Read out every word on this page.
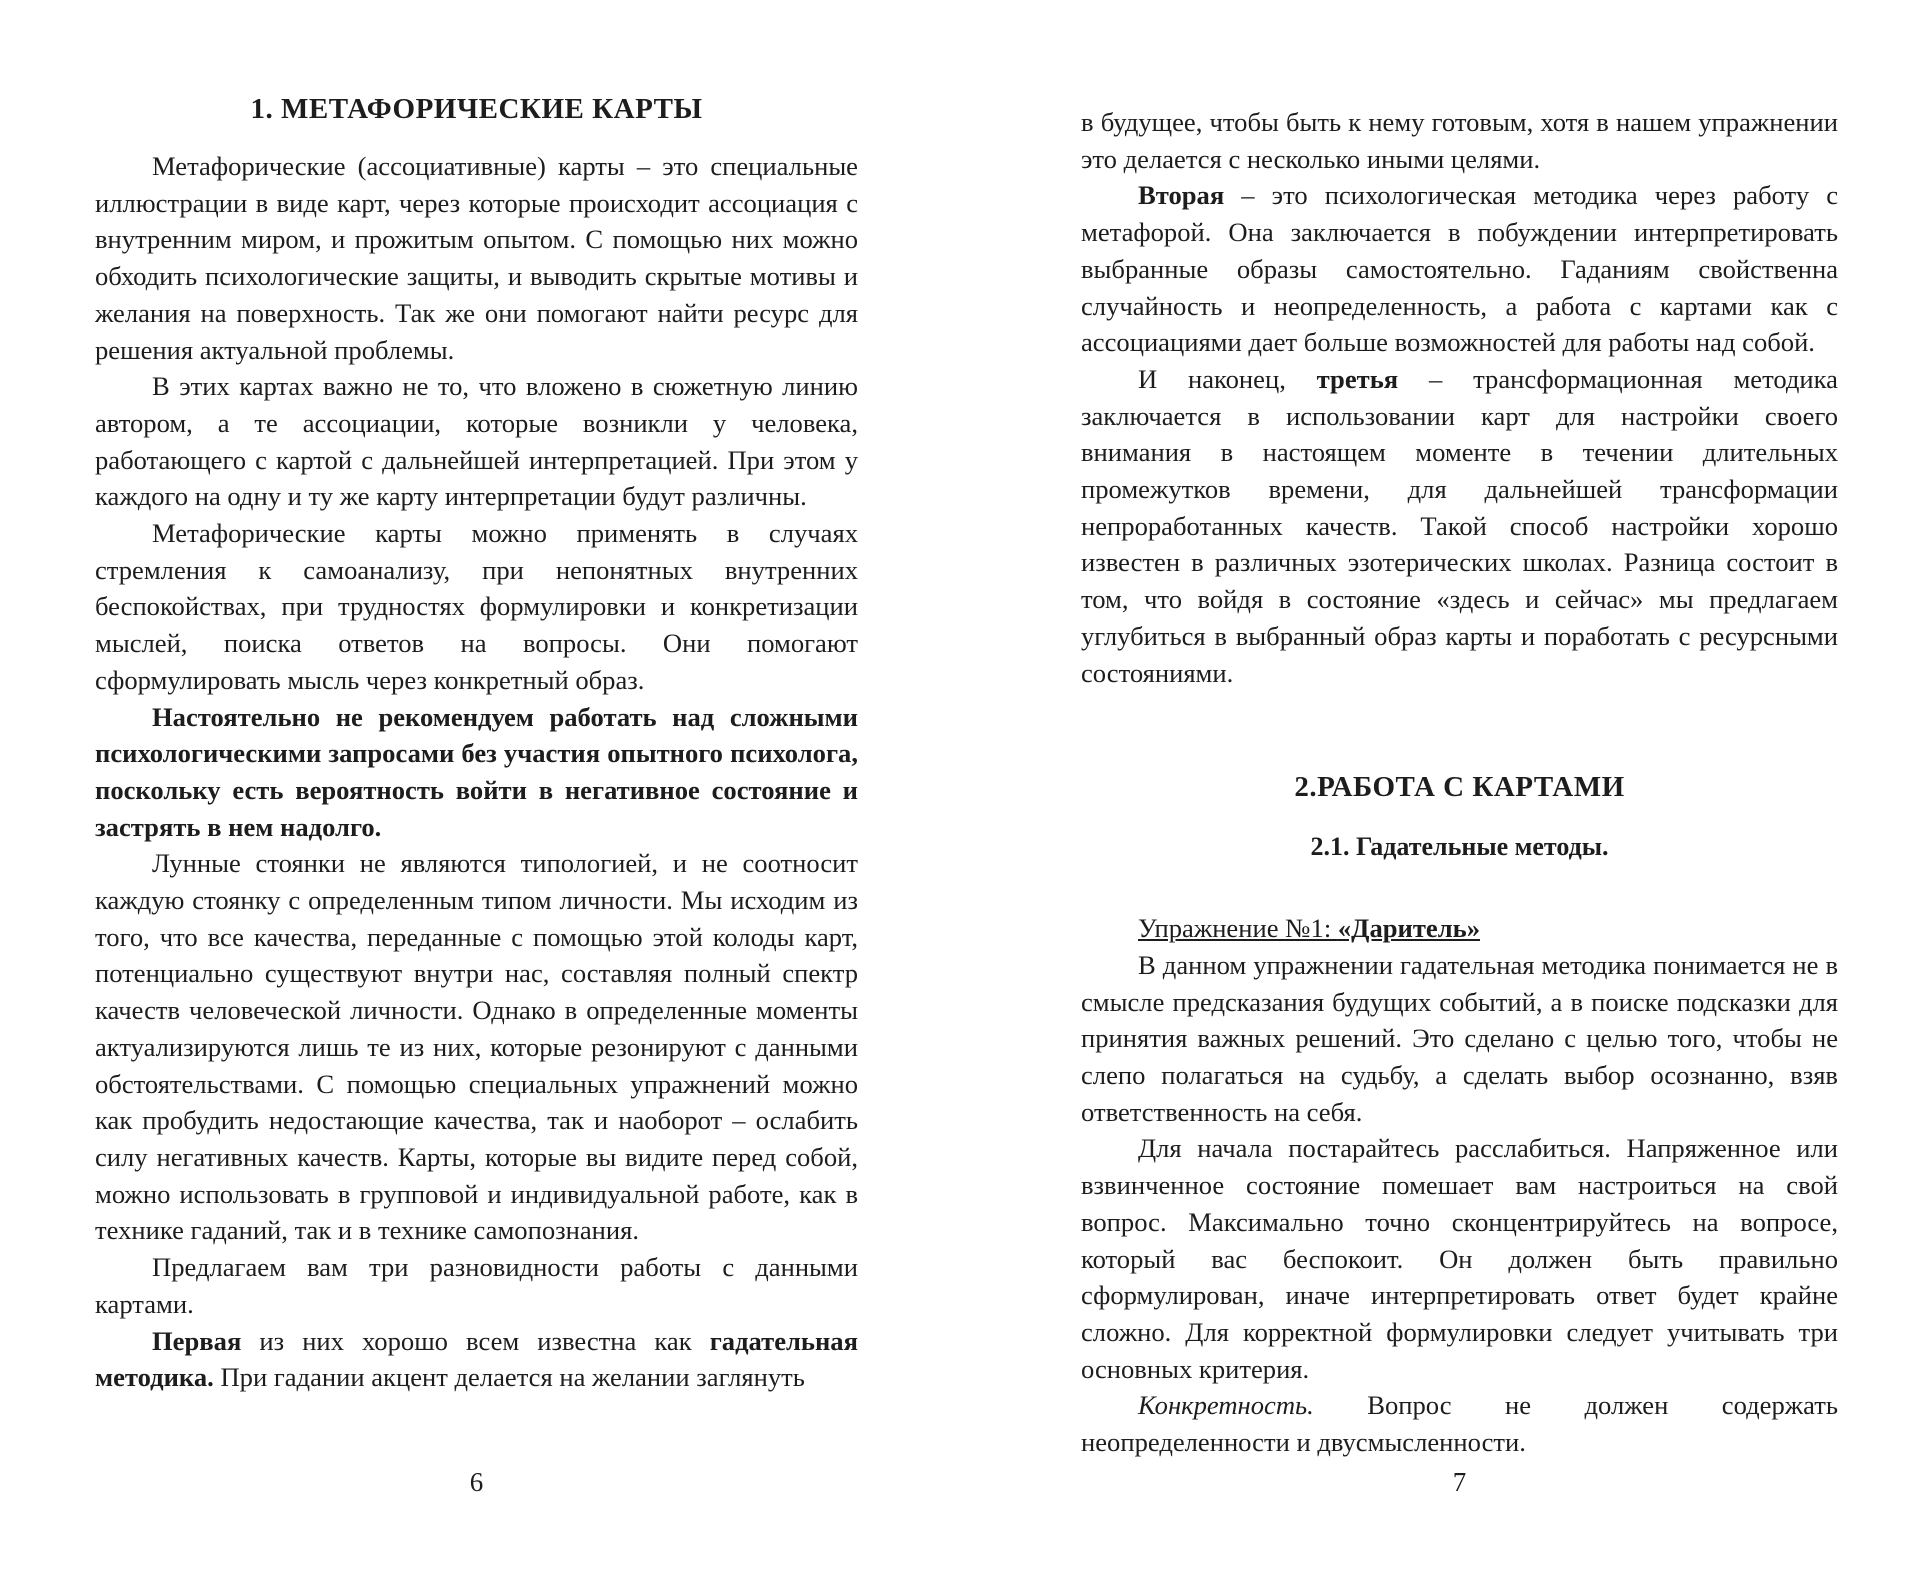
1. МЕТАФОРИЧЕСКИЕ КАРТЫ

Метафорические (ассоциативные) карты – это специальные иллюстрации в виде карт, через которые происходит ассоциация с внутренним миром, и прожитым опытом. С помощью них можно обходить психологические защиты, и выводить скрытые мотивы и желания на поверхность. Так же они помогают найти ресурс для решения актуальной проблемы.

В этих картах важно не то, что вложено в сюжетную линию автором, а те ассоциации, которые возникли у человека, работающего с картой с дальнейшей интерпретацией. При этом у каждого на одну и ту же карту интерпретации будут различны.

Метафорические карты можно применять в случаях стремления к самоанализу, при непонятных внутренних беспокойствах, при трудностях формулировки и конкретизации мыслей, поиска ответов на вопросы. Они помогают сформулировать мысль через конкретный образ.

Настоятельно не рекомендуем работать над сложными психологическими запросами без участия опытного психолога, поскольку есть вероятность войти в негативное состояние и застрять в нем надолго.

Лунные стоянки не являются типологией, и не соотносит каждую стоянку с определенным типом личности. Мы исходим из того, что все качества, переданные с помощью этой колоды карт, потенциально существуют внутри нас, составляя полный спектр качеств человеческой личности. Однако в определенные моменты актуализируются лишь те из них, которые резонируют с данными обстоятельствами. С помощью специальных упражнений можно как пробудить недостающие качества, так и наоборот – ослабить силу негативных качеств. Карты, которые вы видите перед собой, можно использовать в групповой и индивидуальной работе, как в технике гаданий, так и в технике самопознания.

Предлагаем вам три разновидности работы с данными картами.

Первая из них хорошо всем известна как гадательная методика. При гадании акцент делается на желании заглянуть

6

в будущее, чтобы быть к нему готовым, хотя в нашем упражнении это делается с несколько иными целями.

Вторая – это психологическая методика через работу с метафорой. Она заключается в побуждении интерпретировать выбранные образы самостоятельно. Гаданиям свойственна случайность и неопределенность, а работа с картами как с ассоциациями дает больше возможностей для работы над собой.

И наконец, третья – трансформационная методика заключается в использовании карт для настройки своего внимания в настоящем моменте в течении длительных промежутков времени, для дальнейшей трансформации непроработанных качеств. Такой способ настройки хорошо известен в различных эзотерических школах. Разница состоит в том, что войдя в состояние «здесь и сейчас» мы предлагаем углубиться в выбранный образ карты и поработать с ресурсными состояниями.

2.РАБОТА С КАРТАМИ
2.1. Гадательные методы.
Упражнение №1: «Даритель»

В данном упражнении гадательная методика понимается не в смысле предсказания будущих событий, а в поиске подсказки для принятия важных решений. Это сделано с целью того, чтобы не слепо полагаться на судьбу, а сделать выбор осознанно, взяв ответственность на себя.

Для начала постарайтесь расслабиться. Напряженное или взвинченное состояние помешает вам настроиться на свой вопрос. Максимально точно сконцентрируйтесь на вопросе, который вас беспокоит. Он должен быть правильно сформулирован, иначе интерпретировать ответ будет крайне сложно. Для корректной формулировки следует учитывать три основных критерия.

Конкретность. Вопрос не должен содержать неопределенности и двусмысленности.

7
